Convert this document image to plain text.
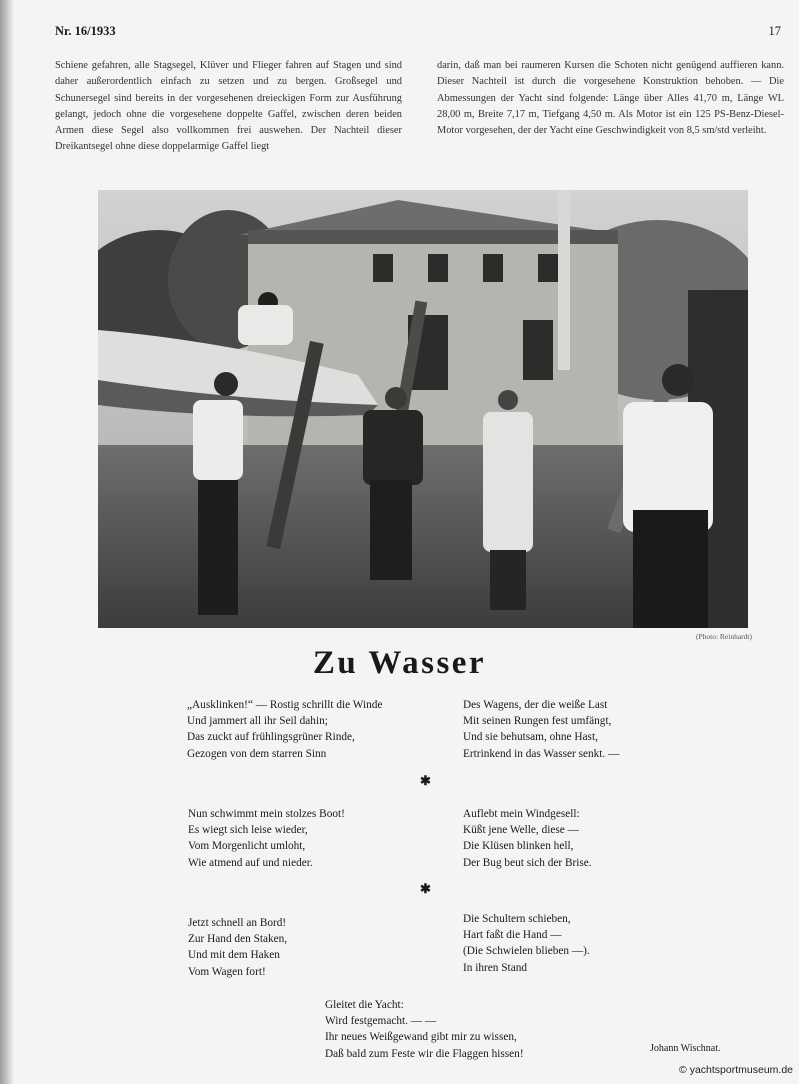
Nr. 16/1933	17
Schiene gefahren, alle Stagsegel, Klüver und Flieger fahren auf Stagen und sind daher außerordentlich einfach zu setzen und zu bergen. Großsegel und Schunersegel sind bereits in der vorgesehenen dreieckigen Form zur Ausführung gelangt, jedoch ohne die vorgesehene doppelte Gaffel, zwischen deren beiden Armen diese Segel also vollkommen frei auswehen. Der Nachteil dieser Dreikantsegel ohne diese doppelarmige Gaffel liegt
darin, daß man bei raumeren Kursen die Schoten nicht genügend auffieren kann. Dieser Nachteil ist durch die vorgesehene Konstruktion behoben. — Die Abmessungen der Yacht sind folgende: Länge über Alles 41,70 m, Länge WL 28,00 m, Breite 7,17 m, Tiefgang 4,50 m. Als Motor ist ein 125 PS-Benz-Diesel-Motor vorgesehen, der der Yacht eine Geschwindigkeit von 8,5 sm/std verleiht.
(Photo: Reinhardt)
Zu Wasser
„Ausklinken!“ — Rostig schrillt die Winde
Und jammert all ihr Seil dahin;
Das zuckt auf frühlingsgrüner Rinde,
Gezogen von dem starren Sinn
Des Wagens, der die weiße Last
Mit seinen Rungen fest umfängt,
Und sie behutsam, ohne Hast,
Ertrinkend in das Wasser senkt. —
✱
Nun schwimmt mein stolzes Boot!
Es wiegt sich leise wieder,
Vom Morgenlicht umloht,
Wie atmend auf und nieder.
Auflebt mein Windgesell:
Küßt jene Welle, diese —
Die Klüsen blinken hell,
Der Bug beut sich der Brise.
✱
Jetzt schnell an Bord!
Zur Hand den Staken,
Und mit dem Haken
Vom Wagen fort!
Die Schultern schieben,
Hart faßt die Hand —
(Die Schwielen blieben —).
In ihren Stand
Gleitet die Yacht:
Wird festgemacht. — —
Ihr neues Weißgewand gibt mir zu wissen,
Daß bald zum Feste wir die Flaggen hissen!	Johann Wischnat.
© yachtsportmuseum.de
